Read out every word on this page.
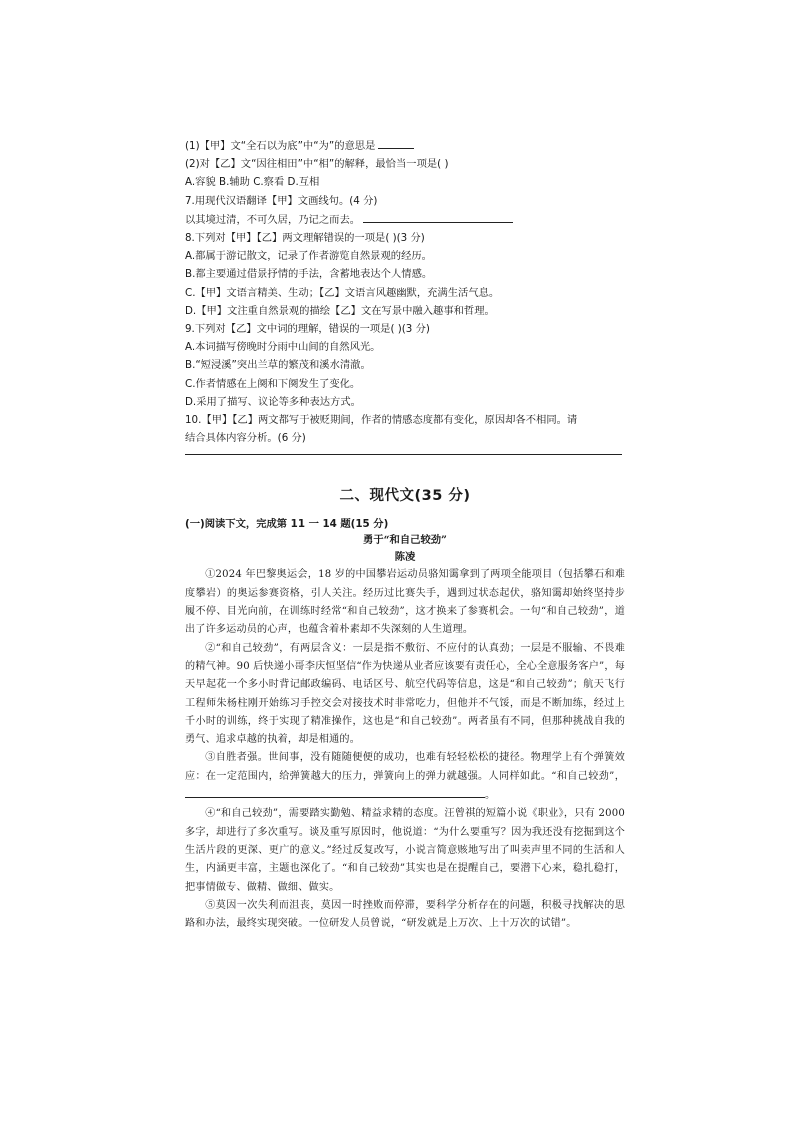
(1)【甲】文“全石以为底”中“为”的意思是

(2)对【乙】文“因往相田”中“相”的解释，最恰当一项是( )

A.容貌 B.辅助 C.察看 D.互相

7.用现代汉语翻译【甲】文画线句。(4 分)

以其境过清，不可久居，乃记之而去。

8.下列对【甲】【乙】两文理解错误的一项是( )(3 分)

A.都属于游记散文，记录了作者游览自然景观的经历。

B.都主要通过借景抒情的手法，含蓄地表达个人情感。

C.【甲】文语言精美、生动；【乙】文语言风趣幽默，充满生活气息。

D.【甲】文注重自然景观的描绘【乙】文在写景中融入趣事和哲理。

9.下列对【乙】文中词的理解，错误的一项是( )(3 分)

A.本词描写傍晚时分雨中山间的自然风光。

B.“短浸溪”突出兰草的繁茂和溪水清澈。

C.作者情感在上阕和下阕发生了变化。

D.采用了描写、议论等多种表达方式。

10.【甲】【乙】两文都写于被贬期间，作者的情感态度都有变化，原因却各不相同。请

结合具体内容分析。(6 分)

二、现代文(35 分)
(一)阅读下文，完成第 11 一 14 题(15 分)
勇于“和自己较劲”
陈凌

①2024 年巴黎奥运会，18 岁的中国攀岩运动员骆知霭拿到了两项全能项目（包括攀石和难度攀岩）的奥运参赛资格，引人关注。经历过比赛失手，遇到过状态起伏，骆知霭却始终坚持步履不停、目光向前，在训练时经常“和自己较劲”，这才换来了参赛机会。一句“和自己较劲”，道出了许多运动员的心声，也蕴含着朴素却不失深刻的人生道理。

②“和自己较劲”，有两层含义：一层是指不敷衍、不应付的认真劲；一层是不服输、不畏难的精气神。90 后快递小哥李庆恒坚信“作为快递从业者应该要有责任心，全心全意服务客户”，每天早起花一个多小时背记邮政编码、电话区号、航空代码等信息，这是“和自己较劲”；航天飞行工程师朱杨柱刚开始练习手控交会对接技术时非常吃力，但他并不气馁，而是不断加练，经过上千小时的训练，终于实现了精准操作，这也是“和自己较劲”。两者虽有不同，但那种挑战自我的勇气、追求卓越的执着，却是相通的。

③自胜者强。世间事，没有随随便便的成功，也难有轻轻松松的捷径。物理学上有个弹簧效应：在一定范围内，给弹簧越大的压力，弹簧向上的弹力就越强。人同样如此。“和自己较劲”，。

④“和自己较劲”，需要踏实勤勉、精益求精的态度。汪曾祺的短篇小说《职业》，只有 2000 多字，却进行了多次重写。谈及重写原因时，他说道：“为什么要重写？因为我还没有挖掘到这个生活片段的更深、更广的意义。”经过反复改写，小说言简意赅地写出了叫卖声里不同的生活和人生，内涵更丰富，主题也深化了。“和自己较劲”其实也是在提醒自己，要潜下心来，稳扎稳打，把事情做专、做精、做细、做实。

⑤莫因一次失利而沮丧，莫因一时挫败而停滞，要科学分析存在的问题，积极寻找解决的思路和办法，最终实现突破。一位研发人员曾说，“研发就是上万次、上十万次的试错”。
